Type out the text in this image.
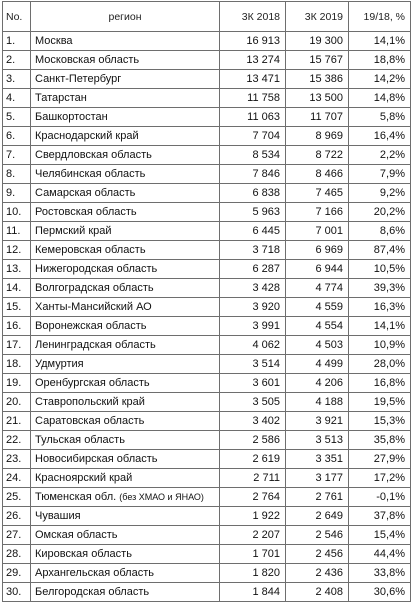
No.	регион	3К 2018	3К 2019	19/18, %
1.	Москва	16 913	19 300	14,1%
2.	Московская область	13 274	15 767	18,8%
3.	Санкт-Петербург	13 471	15 386	14,2%
4.	Татарстан	11 758	13 500	14,8%
5.	Башкортостан	11 063	11 707	5,8%
6.	Краснодарский край	7 704	8 969	16,4%
7.	Свердловская область	8 534	8 722	2,2%
8.	Челябинская область	7 846	8 466	7,9%
9.	Самарская область	6 838	7 465	9,2%
10.	Ростовская область	5 963	7 166	20,2%
11.	Пермский край	6 445	7 001	8,6%
12.	Кемеровская область	3 718	6 969	87,4%
13.	Нижегородская область	6 287	6 944	10,5%
14.	Волгоградская область	3 428	4 774	39,3%
15.	Ханты-Мансийский АО	3 920	4 559	16,3%
16.	Воронежская область	3 991	4 554	14,1%
17.	Ленинградская область	4 062	4 503	10,9%
18.	Удмуртия	3 514	4 499	28,0%
19.	Оренбургская область	3 601	4 206	16,8%
20.	Ставропольский край	3 505	4 188	19,5%
21.	Саратовская область	3 402	3 921	15,3%
22.	Тульская область	2 586	3 513	35,8%
23.	Новосибирская область	2 619	3 351	27,9%
24.	Красноярский край	2 711	3 177	17,2%
25.	Тюменская обл. (без ХМАО и ЯНАО)	2 764	2 761	-0,1%
26.	Чувашия	1 922	2 649	37,8%
27.	Омская область	2 207	2 546	15,4%
28.	Кировская область	1 701	2 456	44,4%
29.	Архангельская область	1 820	2 436	33,8%
30.	Белгородская область	1 844	2 408	30,6%
